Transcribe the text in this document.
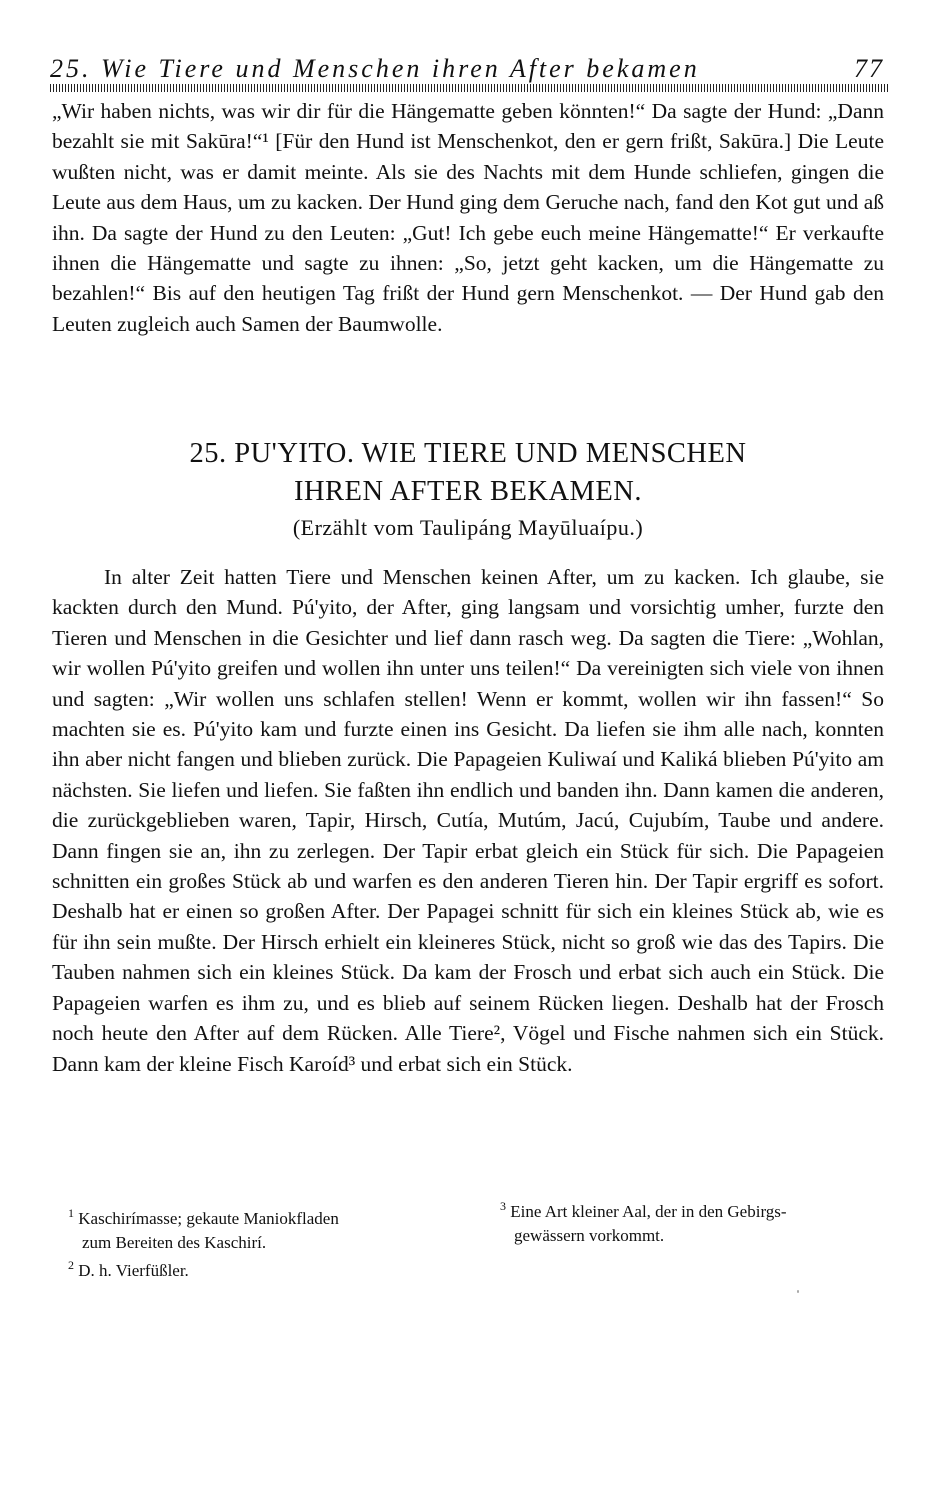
25. Wie Tiere und Menschen ihren After bekamen	77

„Wir haben nichts, was wir dir für die Hängematte geben könnten!“ Da sagte der Hund: „Dann bezahlt sie mit Sakūra!“¹ [Für den Hund ist Menschenkot, den er gern frißt, Sakūra.] Die Leute wußten nicht, was er damit meinte. Als sie des Nachts mit dem Hunde schliefen, gingen die Leute aus dem Haus, um zu kacken. Der Hund ging dem Geruche nach, fand den Kot gut und aß ihn. Da sagte der Hund zu den Leuten: „Gut! Ich gebe euch meine Hängematte!“ Er verkaufte ihnen die Hängematte und sagte zu ihnen: „So, jetzt geht kacken, um die Hängematte zu bezahlen!“ Bis auf den heutigen Tag frißt der Hund gern Menschenkot. — Der Hund gab den Leuten zugleich auch Samen der Baumwolle.

25. PU'YITO. WIE TIERE UND MENSCHEN
IHREN AFTER BEKAMEN.
(Erzählt vom Taulipáng Mayūluaípu.)

In alter Zeit hatten Tiere und Menschen keinen After, um zu kacken. Ich glaube, sie kackten durch den Mund. Pú'yito, der After, ging langsam und vorsichtig umher, furzte den Tieren und Menschen in die Gesichter und lief dann rasch weg. Da sagten die Tiere: „Wohlan, wir wollen Pú'yito greifen und wollen ihn unter uns teilen!“ Da vereinigten sich viele von ihnen und sagten: „Wir wollen uns schlafen stellen! Wenn er kommt, wollen wir ihn fassen!“ So machten sie es. Pú'yito kam und furzte einen ins Gesicht. Da liefen sie ihm alle nach, konnten ihn aber nicht fangen und blieben zurück. Die Papageien Kuliwaí und Kaliká blieben Pú'yito am nächsten. Sie liefen und liefen. Sie faßten ihn endlich und banden ihn. Dann kamen die anderen, die zurückgeblieben waren, Tapir, Hirsch, Cutía, Mutúm, Jacú, Cujubím, Taube und andere. Dann fingen sie an, ihn zu zerlegen. Der Tapir erbat gleich ein Stück für sich. Die Papageien schnitten ein großes Stück ab und warfen es den anderen Tieren hin. Der Tapir ergriff es sofort. Deshalb hat er einen so großen After. Der Papagei schnitt für sich ein kleines Stück ab, wie es für ihn sein mußte. Der Hirsch erhielt ein kleineres Stück, nicht so groß wie das des Tapirs. Die Tauben nahmen sich ein kleines Stück. Da kam der Frosch und erbat sich auch ein Stück. Die Papageien warfen es ihm zu, und es blieb auf seinem Rücken liegen. Deshalb hat der Frosch noch heute den After auf dem Rücken. Alle Tiere², Vögel und Fische nahmen sich ein Stück. Dann kam der kleine Fisch Karoíd³ und erbat sich ein Stück.

$^1$ Kaschirímasse; gekaute Maniokfladen
zum Bereiten des Kaschirí.
$^2$ D. h. Vierfüßler.
$^3$ Eine Art kleiner Aal, der in den Gebirgs-
gewässern vorkommt.
